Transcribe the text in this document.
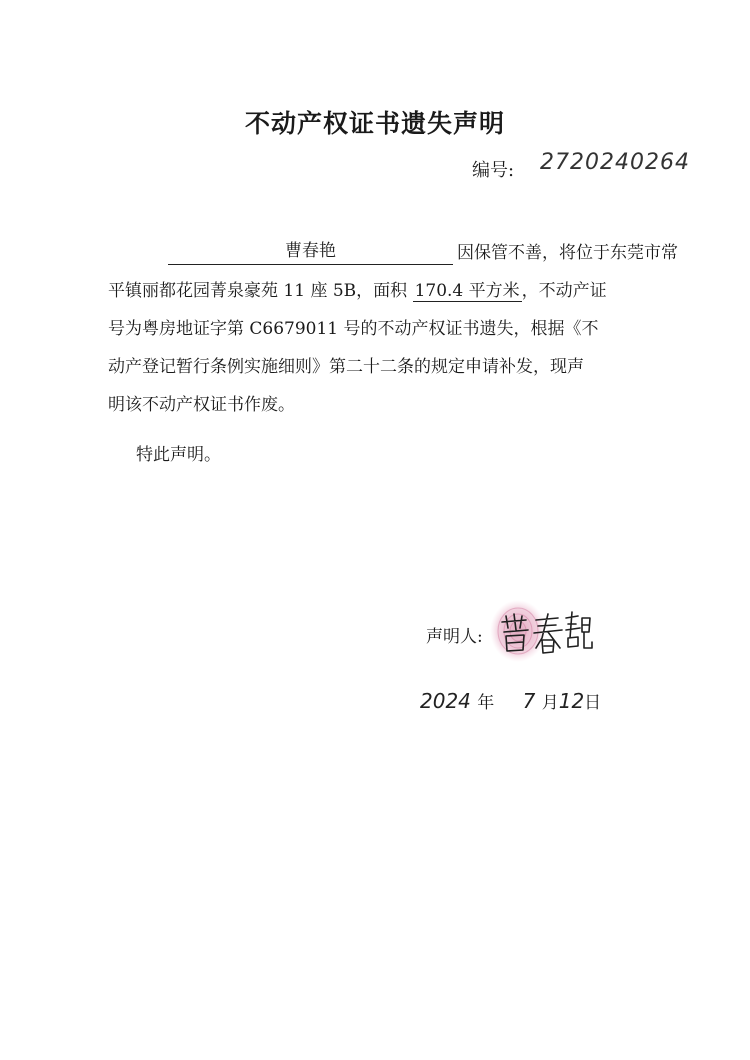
不动产权证书遗失声明
编号: 2720240264
曹春艳	因保管不善，将位于东莞市常
平镇丽都花园菁泉豪苑 11 座 5B，面积 170.4 平方米 ，不动产证
号为粤房地证字第 C6679011 号的不动产权证书遗失，根据《不
动产登记暂行条例实施细则》第二十二条的规定申请补发，现声
明该不动产权证书作废。
特此声明。
声明人:
2024 年 7 月12日
